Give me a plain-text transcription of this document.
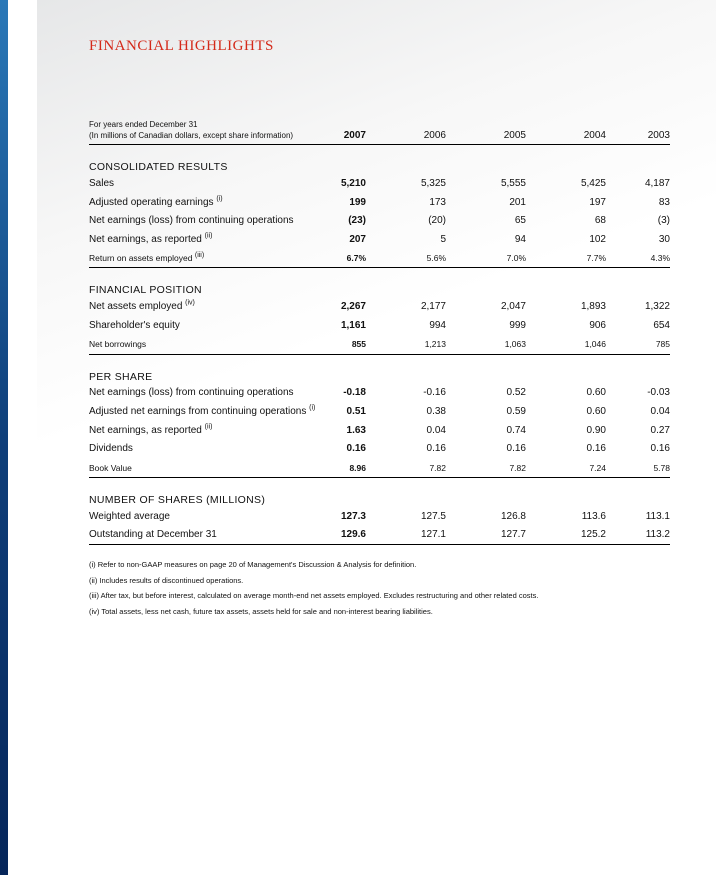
FINANCIAL HIGHLIGHTS
For years ended December 31
(In millions of Canadian dollars, except share information)	2007	2006	2005	2004	2003
CONSOLIDATED RESULTS
Sales	5,210	5,325	5,555	5,425	4,187
Adjusted operating earnings $^{(i)}$	199	173	201	197	83
Net earnings (loss) from continuing operations	(23)	(20)	65	68	(3)
Net earnings, as reported $^{(ii)}$	207	5	94	102	30
Return on assets employed $^{(iii)}$	6.7%	5.6%	7.0%	7.7%	4.3%
FINANCIAL POSITION
Net assets employed $^{(iv)}$	2,267	2,177	2,047	1,893	1,322
Shareholder's equity	1,161	994	999	906	654
Net borrowings	855	1,213	1,063	1,046	785
PER SHARE
Net earnings (loss) from continuing operations	-0.18	-0.16	0.52	0.60	-0.03
Adjusted net earnings from continuing operations $^{(i)}$	0.51	0.38	0.59	0.60	0.04
Net earnings, as reported $^{(ii)}$	1.63	0.04	0.74	0.90	0.27
Dividends	0.16	0.16	0.16	0.16	0.16
Book Value	8.96	7.82	7.82	7.24	5.78
NUMBER OF SHARES (MILLIONS)
Weighted average	127.3	127.5	126.8	113.6	113.1
Outstanding at December 31	129.6	127.1	127.7	125.2	113.2
(i) Refer to non-GAAP measures on page 20 of Management's Discussion & Analysis for definition.
(ii) Includes results of discontinued operations.
(iii) After tax, but before interest, calculated on average month-end net assets employed. Excludes restructuring and other related costs.
(iv) Total assets, less net cash, future tax assets, assets held for sale and non-interest bearing liabilities.
